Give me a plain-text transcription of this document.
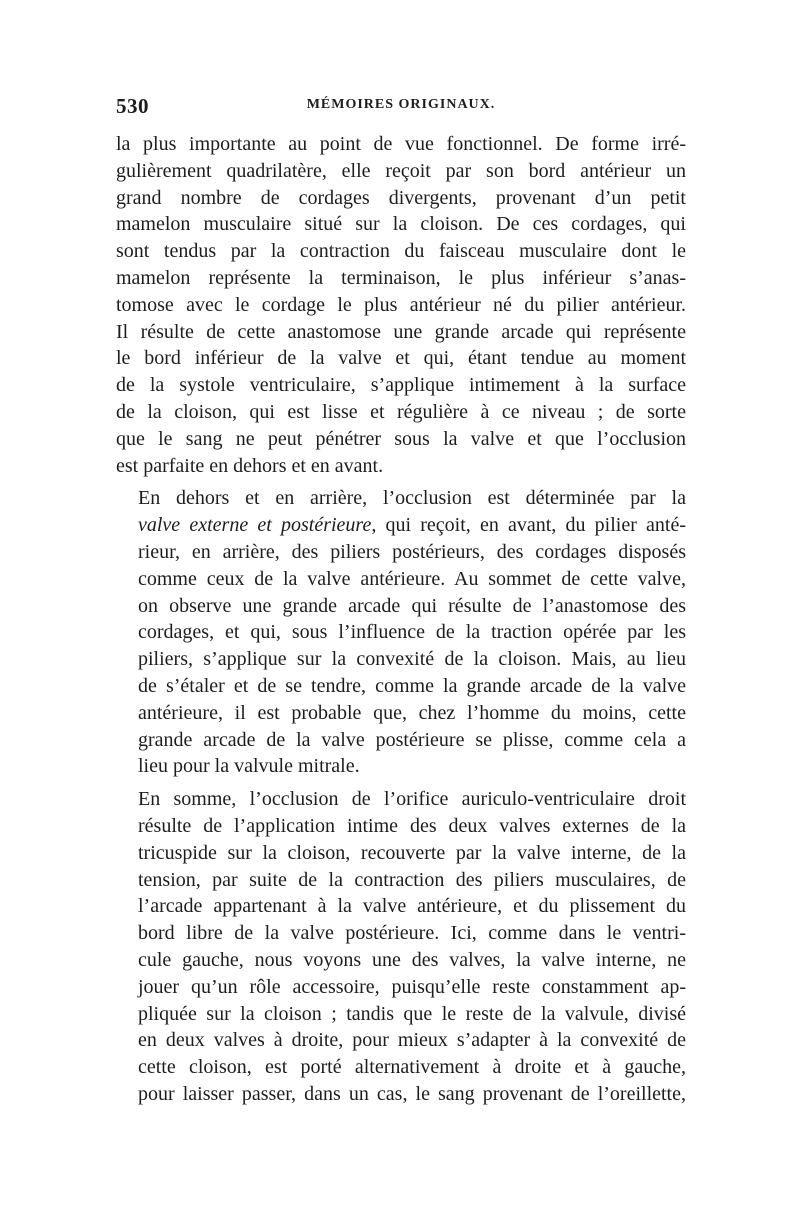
530	MÉMOIRES ORIGINAUX.

la plus importante au point de vue fonctionnel. De forme irré-
gulièrement quadrilatère, elle reçoit par son bord antérieur un
grand nombre de cordages divergents, provenant d’un petit
mamelon musculaire situé sur la cloison. De ces cordages, qui
sont tendus par la contraction du faisceau musculaire dont le
mamelon représente la terminaison, le plus inférieur s’anas-
tomose avec le cordage le plus antérieur né du pilier antérieur.
Il résulte de cette anastomose une grande arcade qui représente
le bord inférieur de la valve et qui, étant tendue au moment
de la systole ventriculaire, s’applique intimement à la surface
de la cloison, qui est lisse et régulière à ce niveau ; de sorte
que le sang ne peut pénétrer sous la valve et que l’occlusion
est parfaite en dehors et en avant.

En dehors et en arrière, l’occlusion est déterminée par la
valve externe et postérieure, qui reçoit, en avant, du pilier anté-
rieur, en arrière, des piliers postérieurs, des cordages disposés
comme ceux de la valve antérieure. Au sommet de cette valve,
on observe une grande arcade qui résulte de l’anastomose des
cordages, et qui, sous l’influence de la traction opérée par les
piliers, s’applique sur la convexité de la cloison. Mais, au lieu
de s’étaler et de se tendre, comme la grande arcade de la valve
antérieure, il est probable que, chez l’homme du moins, cette
grande arcade de la valve postérieure se plisse, comme cela a
lieu pour la valvule mitrale.

En somme, l’occlusion de l’orifice auriculo-ventriculaire droit
résulte de l’application intime des deux valves externes de la
tricuspide sur la cloison, recouverte par la valve interne, de la
tension, par suite de la contraction des piliers musculaires, de
l’arcade appartenant à la valve antérieure, et du plissement du
bord libre de la valve postérieure. Ici, comme dans le ventri-
cule gauche, nous voyons une des valves, la valve interne, ne
jouer qu’un rôle accessoire, puisqu’elle reste constamment ap-
pliquée sur la cloison ; tandis que le reste de la valvule, divisé
en deux valves à droite, pour mieux s’adapter à la convexité de
cette cloison, est porté alternativement à droite et à gauche,
pour laisser passer, dans un cas, le sang provenant de l’oreillette,
